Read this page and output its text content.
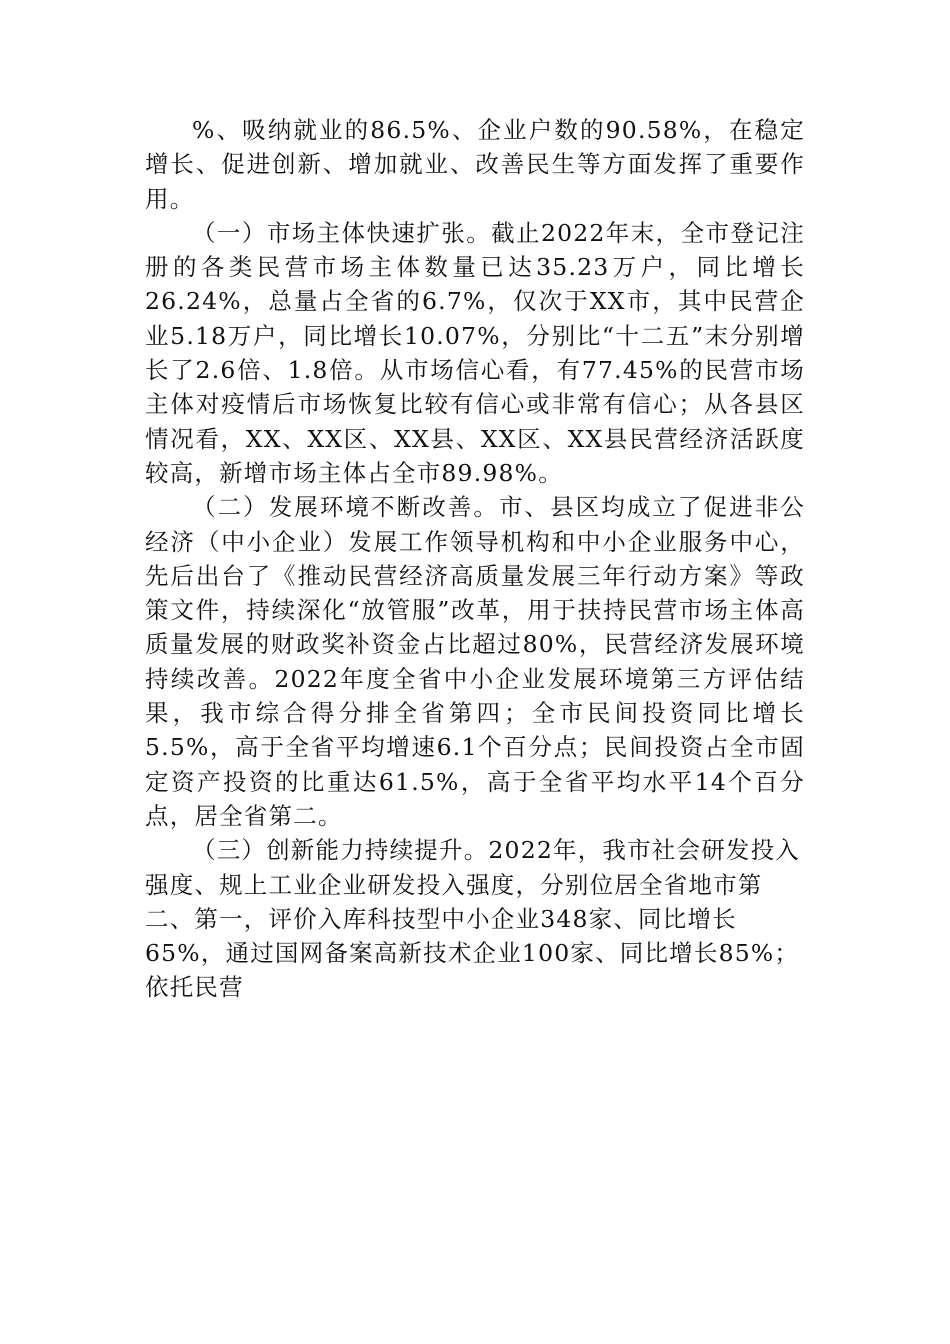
%、吸纳就业的86.5%、企业户数的90.58%，在稳定增长、促进创新、增加就业、改善民生等方面发挥了重要作用。

（一）市场主体快速扩张。截止2022年末，全市登记注册的各类民营市场主体数量已达35.23万户，同比增长26.24%，总量占全省的6.7%，仅次于XX市，其中民营企业5.18万户，同比增长10.07%，分别比“十二五”末分别增长了2.6倍、1.8倍。从市场信心看，有77.45%的民营市场主体对疫情后市场恢复比较有信心或非常有信心；从各县区情况看，XX、XX区、XX县、XX区、XX县民营经济活跃度较高，新增市场主体占全市89.98%。

（二）发展环境不断改善。市、县区均成立了促进非公经济（中小企业）发展工作领导机构和中小企业服务中心，先后出台了《推动民营经济高质量发展三年行动方案》等政策文件，持续深化“放管服”改革，用于扶持民营市场主体高质量发展的财政奖补资金占比超过80%，民营经济发展环境持续改善。2022年度全省中小企业发展环境第三方评估结果，我市综合得分排全省第四；全市民间投资同比增长5.5%，高于全省平均增速6.1个百分点；民间投资占全市固定资产投资的比重达61.5%，高于全省平均水平14个百分点，居全省第二。

（三）创新能力持续提升。2022年，我市社会研发投入强度、规上工业企业研发投入强度，分别位居全省地市第二、第一，评价入库科技型中小企业348家、同比增长65%，通过国网备案高新技术企业100家、同比增长85%；依托民营
